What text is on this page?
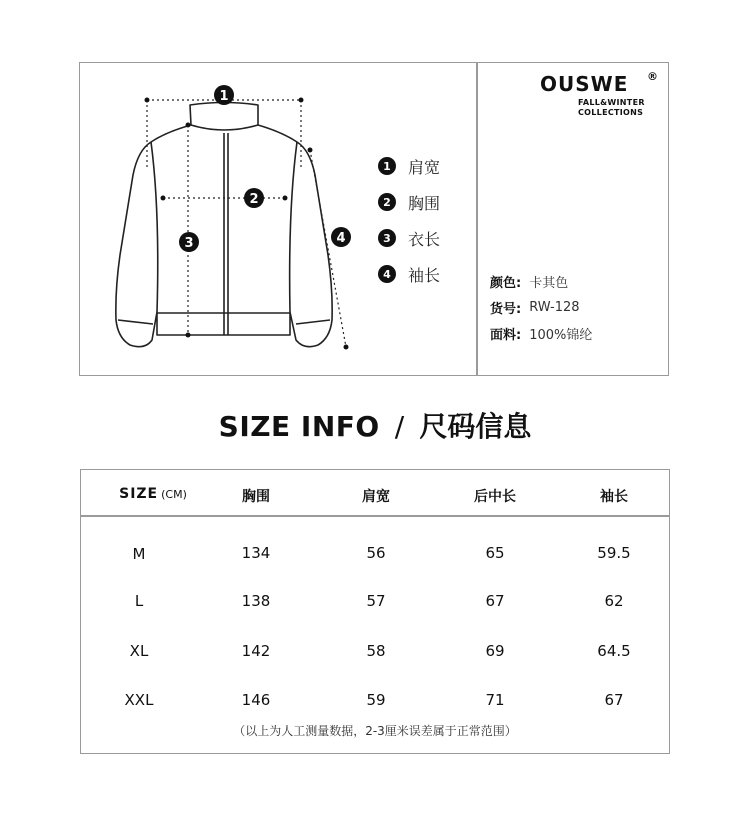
1
2
3	4
1	肩宽
2	胸围
3	衣长
4	袖长
OUSWE	®
FALL&WINTER
COLLECTIONS
颜色: 卡其色
货号: RW-128
面料: 100%锦纶
SIZE INFO / 尺码信息
SIZE (CM)	胸围	肩宽	后中长	袖长
M	134	56	65	59.5
L	138	57	67	62
XL	142	58	69	64.5
XXL	146	59	71	67
（以上为人工测量数据，2-3厘米误差属于正常范围）
